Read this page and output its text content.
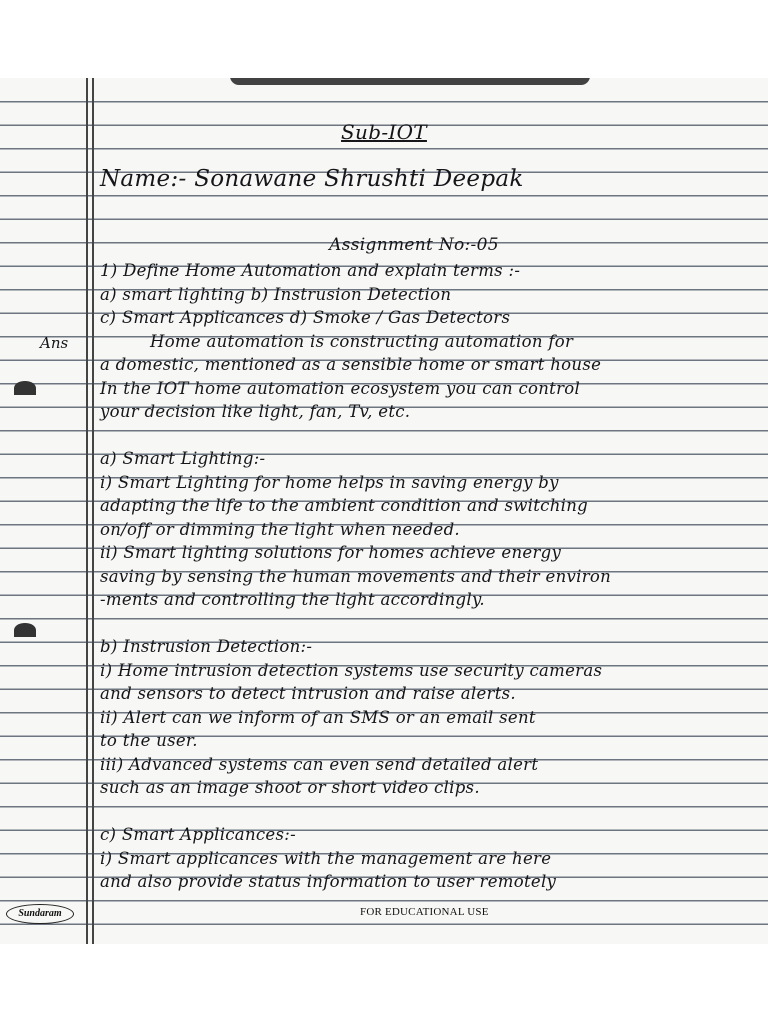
Sub-IOT
Name:- Sonawane Shrushti Deepak
Assignment No:-05
Ans
1) Define Home Automation and explain terms :-
a) smart lighting b) Instrusion Detection
c) Smart Applicances d) Smoke / Gas Detectors
Home automation is constructing automation for
a domestic, mentioned as a sensible home or smart house
In the IOT home automation ecosystem you can control
your decision like light, fan, Tv, etc.
a) Smart Lighting:-
i) Smart Lighting for home helps in saving energy by
adapting the life to the ambient condition and switching
on/off or dimming the light when needed.
ii) Smart lighting solutions for homes achieve energy
saving by sensing the human movements and their environ
-ments and controlling the light accordingly.
b) Instrusion Detection:-
i) Home intrusion detection systems use security cameras
and sensors to detect intrusion and raise alerts.
ii) Alert can we inform of an SMS or an email sent
to the user.
iii) Advanced systems can even send detailed alert
such as an image shoot or short video clips.
c) Smart Applicances:-
i) Smart applicances with the management are here
and also provide status information to user remotely
Sundaram	FOR EDUCATIONAL USE
